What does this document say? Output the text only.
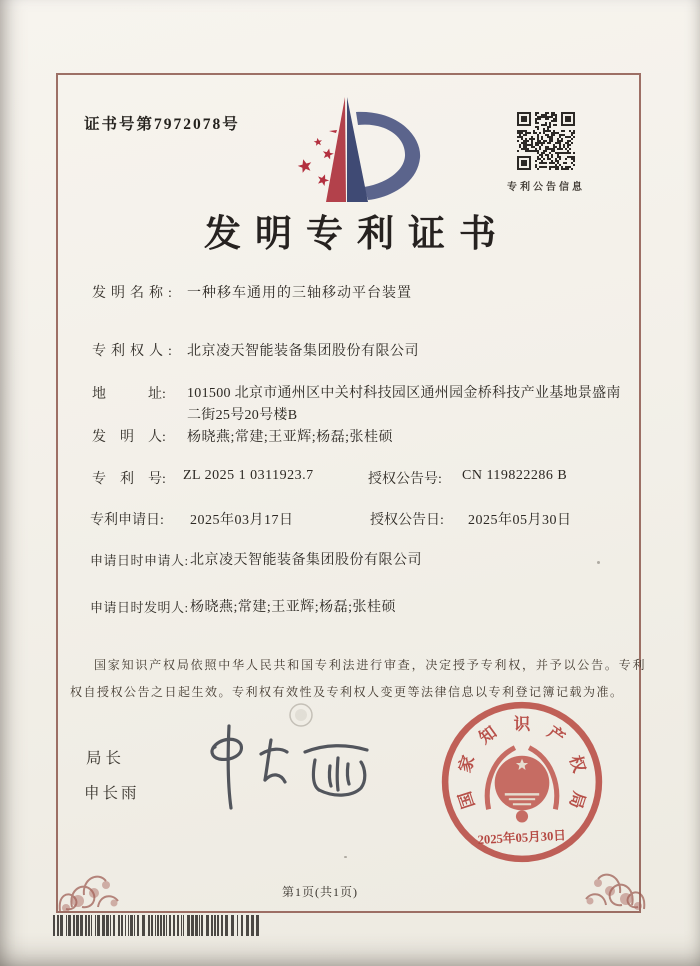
证书号第7972078号
专利公告信息
发明专利证书
发明名称: 一种移车通用的三轴移动平台装置
专利权人: 北京凌天智能装备集团股份有限公司
地　　　址: 101500 北京市通州区中关村科技园区通州园金桥科技产业基地景盛南二街25号20号楼B
发　明　人: 杨晓燕;常建;王亚辉;杨磊;张桂硕
专　利　号: ZL 2025 1 0311923.7	授权公告号: CN 119822286 B
专利申请日: 2025年03月17日	授权公告日: 2025年05月30日
申请日时申请人: 北京凌天智能装备集团股份有限公司
申请日时发明人: 杨晓燕;常建;王亚辉;杨磊;张桂硕

国家知识产权局依照中华人民共和国专利法进行审查，决定授予专利权，并予以公告。专利权自授权公告之日起生效。专利权有效性及专利权人变更等法律信息以专利登记簿记载为准。

局长
申长雨	国
家
知 识 产
权
局
2025年05月30日
第1页(共1页)
